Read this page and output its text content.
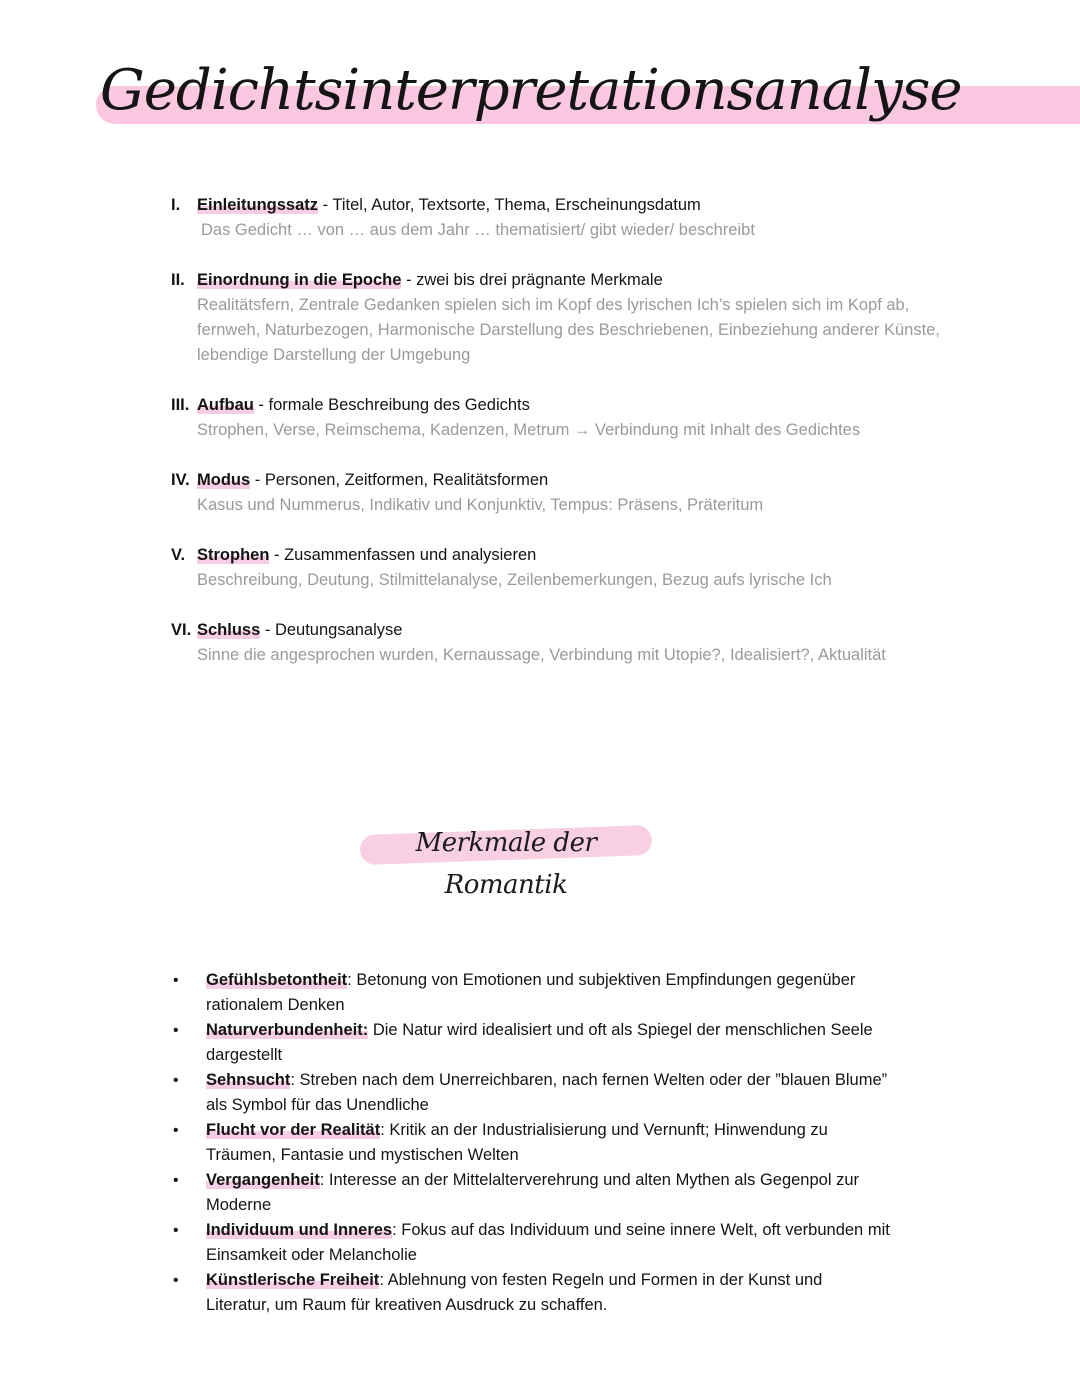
Gedichtsinterpretationsanalyse
I. Einleitungssatz - Titel, Autor, Textsorte, Thema, Erscheinungsdatum
Das Gedicht … von … aus dem Jahr … thematisiert/ gibt wieder/ beschreibt
II. Einordnung in die Epoche - zwei bis drei prägnante Merkmale
Realitätsfern, Zentrale Gedanken spielen sich im Kopf des lyrischen Ich’s spielen sich im Kopf ab, fernweh, Naturbezogen, Harmonische Darstellung des Beschriebenen, Einbeziehung anderer Künste, lebendige Darstellung der Umgebung
III. Aufbau - formale Beschreibung des Gedichts
Strophen, Verse, Reimschema, Kadenzen, Metrum → Verbindung mit Inhalt des Gedichtes
IV. Modus - Personen, Zeitformen, Realitätsformen
Kasus und Nummerus, Indikativ und Konjunktiv, Tempus: Präsens, Präteritum
V. Strophen - Zusammenfassen und analysieren
Beschreibung, Deutung, Stilmittelanalyse, Zeilenbemerkungen, Bezug aufs lyrische Ich
VI. Schluss - Deutungsanalyse
Sinne die angesprochen wurden, Kernaussage, Verbindung mit Utopie?, Idealisiert?, Aktualität
Merkmale der Romantik
• Gefühlsbetontheit: Betonung von Emotionen und subjektiven Empfindungen gegenüber rationalem Denken
• Naturverbundenheit: Die Natur wird idealisiert und oft als Spiegel der menschlichen Seele dargestellt
• Sehnsucht: Streben nach dem Unerreichbaren, nach fernen Welten oder der ”blauen Blume” als Symbol für das Unendliche
• Flucht vor der Realität: Kritik an der Industrialisierung und Vernunft; Hinwendung zu Träumen, Fantasie und mystischen Welten
• Vergangenheit: Interesse an der Mittelalterverehrung und alten Mythen als Gegenpol zur Moderne
• Individuum und Inneres: Fokus auf das Individuum und seine innere Welt, oft verbunden mit Einsamkeit oder Melancholie
• Künstlerische Freiheit: Ablehnung von festen Regeln und Formen in der Kunst und Literatur, um Raum für kreativen Ausdruck zu schaffen.
